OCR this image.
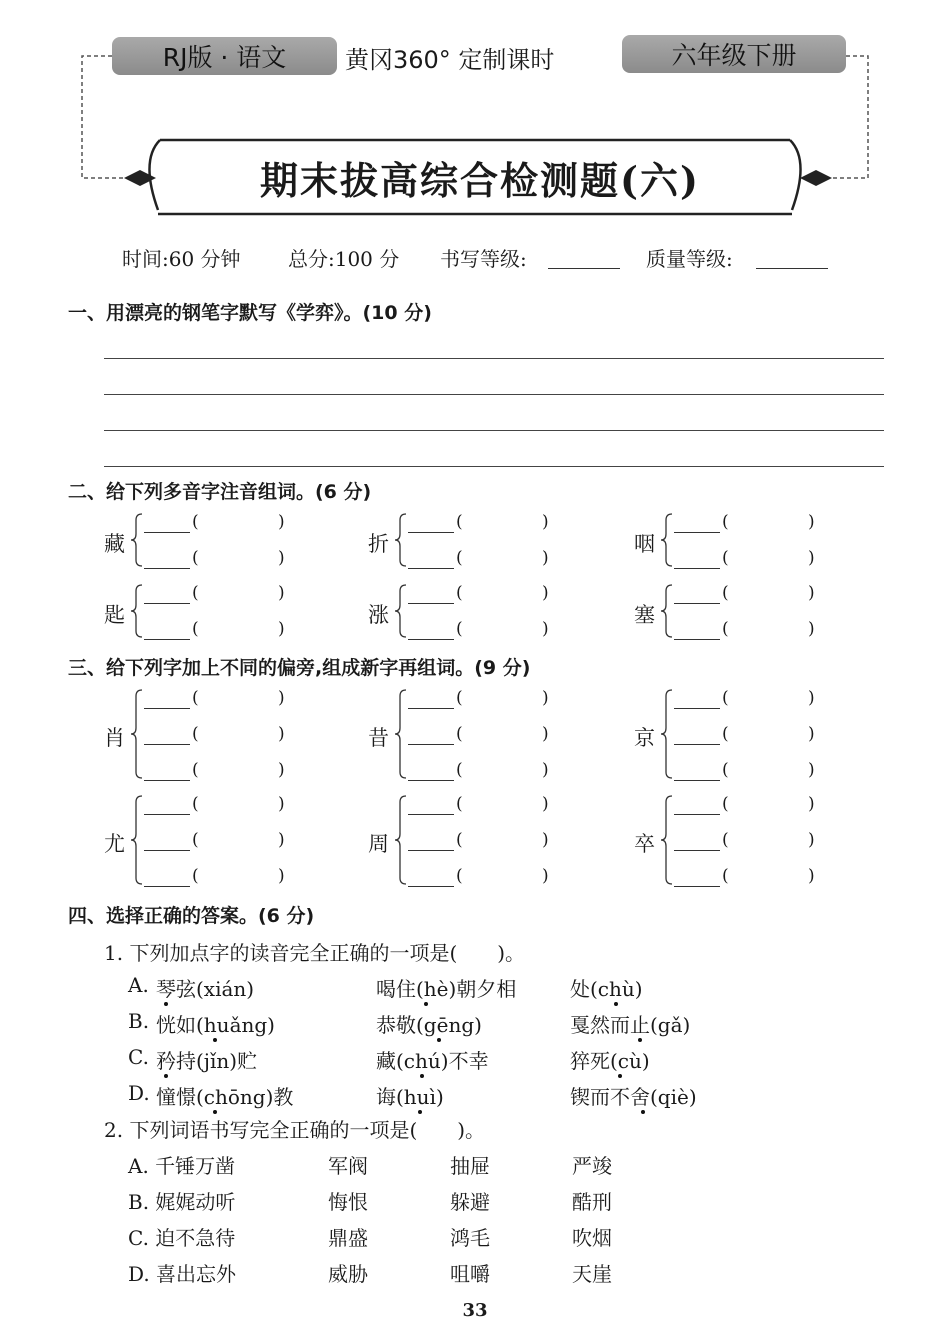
RJ版 · 语文	黄冈360° 定制课时	六年级下册
期末拔高综合检测题(六)
时间:60 分钟 总分:100 分 书写等级:	质量等级:
一、用漂亮的钢笔字默写《学弈》。(10 分)
二、给下列多音字注音组词。(6 分)
藏
(	)
(	)
折
(	)
(	)
咽
(	)
(	)
匙
(	)
(	)
涨
(	)
(	)
塞
(	)
(	)
三、给下列字加上不同的偏旁,组成新字再组词。(9 分)
肖
(	)
(	)
(	)
昔
(	)
(	)
(	)
京
(	)
(	)
(	)
尤
(	)
(	)
(	)
周
(	)
(	)
(	)
卒
(	)
(	)
(	)
四、选择正确的答案。(6 分)
1. 下列加点字的读音完全正确的一项是(　　)。
A. 琴弦(xián)	喝住(hè)朝夕相	处(chù)
B. 恍如(huǎng)	恭敬(gēng)	戛然而止(gǎ)
C. 矜持(jǐn)贮	藏(chú)不幸	猝死(cù)
D. 憧憬(chōng)教	诲(huì)	锲而不舍(qiè)
2. 下列词语书写完全正确的一项是(　　)。
A. 千锤万凿	军阀	抽屉	严竣
B. 娓娓动听	悔恨	躲避	酷刑
C. 迫不急待	鼎盛	鸿毛	吹烟
D. 喜出忘外	威胁	咀嚼	天崖
33
